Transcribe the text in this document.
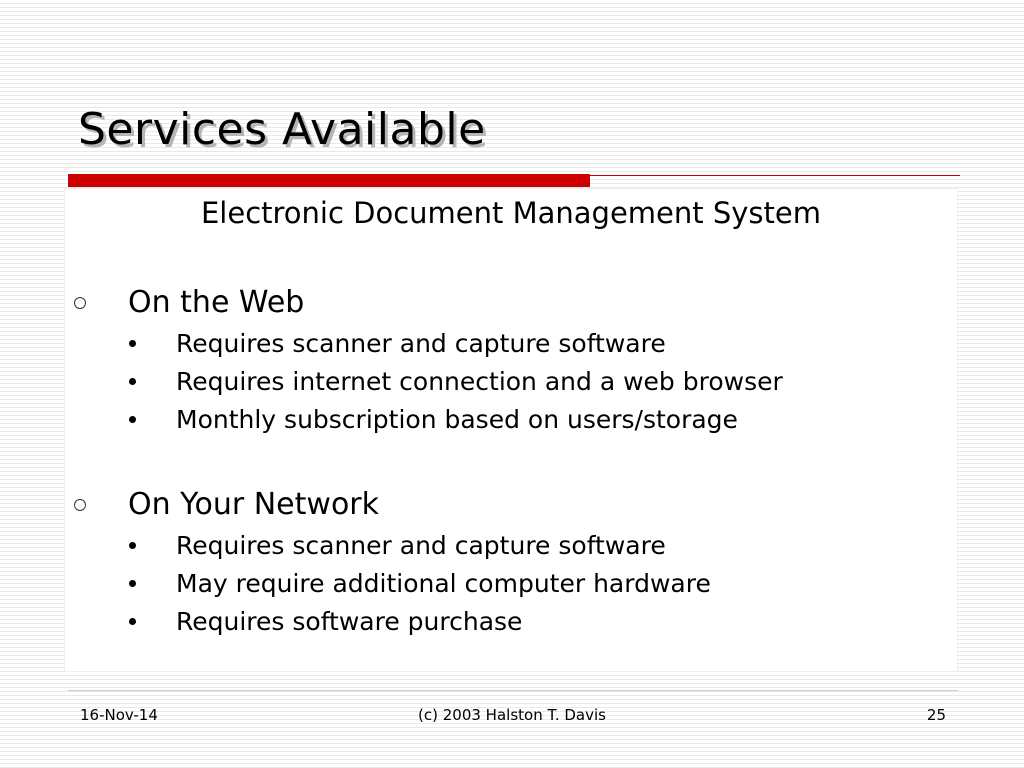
Services Available
Electronic Document Management System
On the Web
Requires scanner and capture software
Requires internet connection and a web browser
Monthly subscription based on users/storage
On Your Network
Requires scanner and capture software
May require additional computer hardware
Requires software purchase
16-Nov-14	(c) 2003 Halston T. Davis	25
